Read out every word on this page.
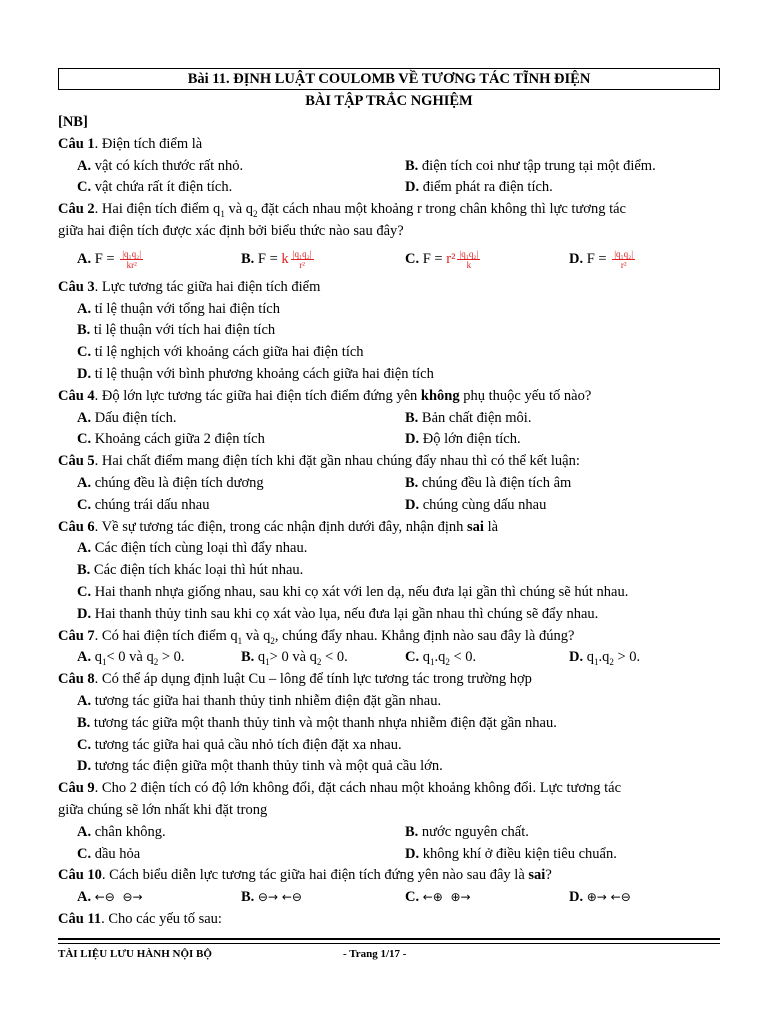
Bài 11. ĐỊNH LUẬT COULOMB VỀ TƯƠNG TÁC TĨNH ĐIỆN
BÀI TẬP TRẮC NGHIỆM
[NB]
Câu 1. Điện tích điểm là
A. vật có kích thước rất nhỏ.	B. điện tích coi như tập trung tại một điểm.
C. vật chứa rất ít điện tích.	D. điểm phát ra điện tích.
Câu 2. Hai điện tích điểm $q_1$ và $q_2$ đặt cách nhau một khoảng r trong chân không thì lực tương tác
giữa hai điện tích được xác định bởi biểu thức nào sau đây?
A. $F = \frac{\text{|q₁q₂|}}{\text{kr²}}$	B. F = k $\frac{\text{|q₁q₂|}}{\text{r²}}$	C. $F = r^2 \frac{\text{|q₁q₂|}}{k}$	D. $F = \frac{\text{|q₁q₂|}}{\text{r²}}$
Câu 3. Lực tương tác giữa hai điện tích điểm
A. tỉ lệ thuận với tổng hai điện tích
B. tỉ lệ thuận với tích hai điện tích
C. tỉ lệ nghịch với khoảng cách giữa hai điện tích
D. tỉ lệ thuận với bình phương khoảng cách giữa hai điện tích
Câu 4. Độ lớn lực tương tác giữa hai điện tích điểm đứng yên không phụ thuộc yếu tố nào?
A. Dấu điện tích.	B. Bản chất điện môi.
C. Khoảng cách giữa 2 điện tích	D. Độ lớn điện tích.
Câu 5. Hai chất điểm mang điện tích khi đặt gần nhau chúng đẩy nhau thì có thể kết luận:
A. chúng đều là điện tích dương	B. chúng đều là điện tích âm
C. chúng trái dấu nhau	D. chúng cùng dấu nhau
Câu 6. Về sự tương tác điện, trong các nhận định dưới đây, nhận định sai là
A. Các điện tích cùng loại thì đẩy nhau.
B. Các điện tích khác loại thì hút nhau.
C. Hai thanh nhựa giống nhau, sau khi cọ xát với len dạ, nếu đưa lại gần thì chúng sẽ hút nhau.
D. Hai thanh thủy tinh sau khi cọ xát vào lụa, nếu đưa lại gần nhau thì chúng sẽ đẩy nhau.
Câu 7. Có hai điện tích điểm $q_1$ và $q_2$, chúng đẩy nhau. Khẳng định nào sau đây là đúng?
A. $q_1< 0$ và $q_2 > 0$.	B. $q_1> 0$ và $q_2 < 0$.	C. $q_1.q_2 < 0$.	D. $q_1.q_2 > 0$.
Câu 8. Có thể áp dụng định luật Cu – lông để tính lực tương tác trong trường hợp
A. tương tác giữa hai thanh thủy tinh nhiễm điện đặt gần nhau.
B. tương tác giữa một thanh thủy tinh và một thanh nhựa nhiễm điện đặt gần nhau.
C. tương tác giữa hai quả cầu nhỏ tích điện đặt xa nhau.
D. tương tác điện giữa một thanh thủy tinh và một quả cầu lớn.
Câu 9. Cho 2 điện tích có độ lớn không đổi, đặt cách nhau một khoảng không đổi. Lực tương tác
giữa chúng sẽ lớn nhất khi đặt trong
A. chân không.	B. nước nguyên chất.
C. dầu hỏa	D. không khí ở điều kiện tiêu chuẩn.
Câu 10. Cách biểu diễn lực tương tác giữa hai điện tích đứng yên nào sau đây là sai?
A. ←⊖  ⊖→	B. ⊖→ ←⊖	C. ←⊕  ⊕→	D. ⊕→ ←⊖
Câu 11. Cho các yếu tố sau:
TÀI LIỆU LƯU HÀNH NỘI BỘ	- Trang 1/17 -
